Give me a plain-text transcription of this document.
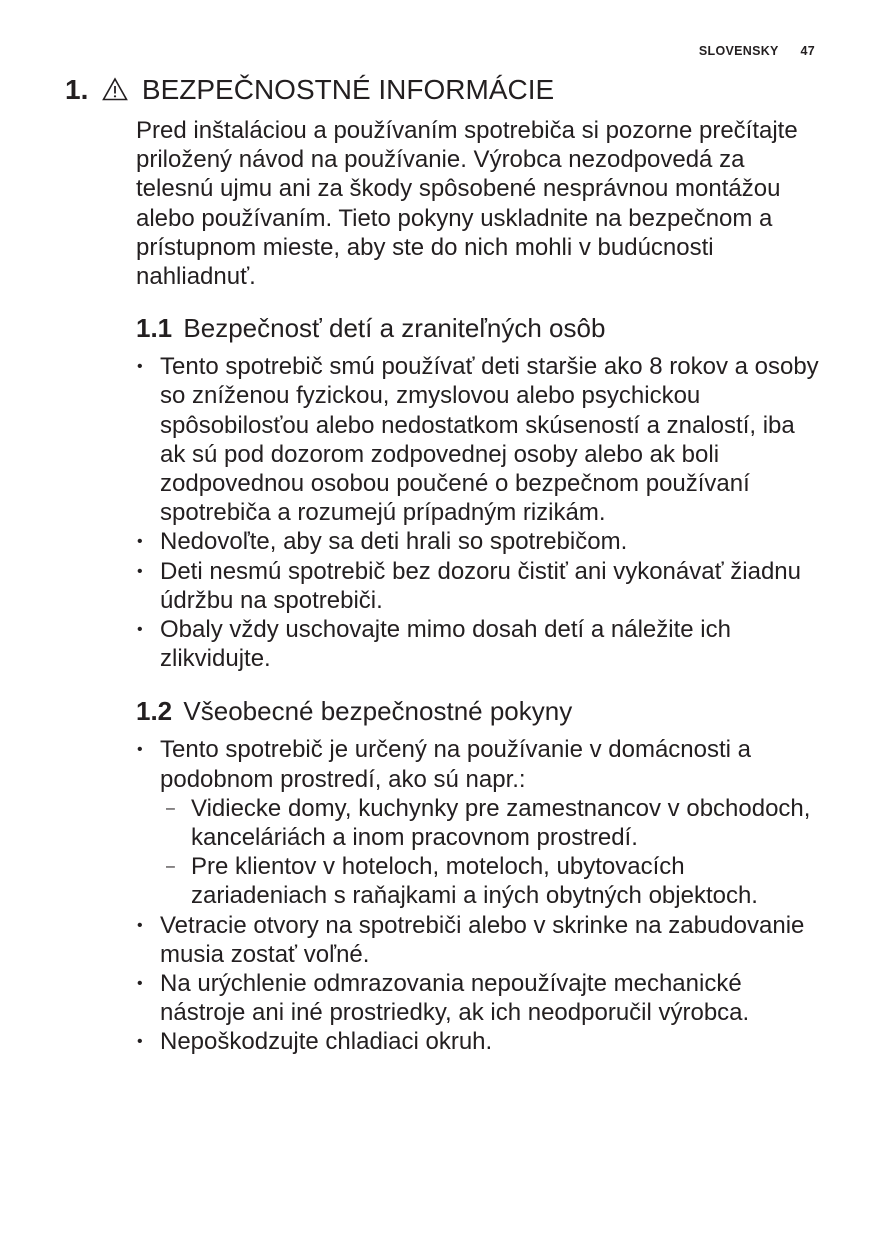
SLOVENSKY 47
1. BEZPEČNOSTNÉ INFORMÁCIE

Pred inštaláciou a používaním spotrebiča si pozorne prečítajte priložený návod na používanie. Výrobca nezodpovedá za telesnú ujmu ani za škody spôsobené nesprávnou montážou alebo používaním. Tieto pokyny uskladnite na bezpečnom a prístupnom mieste, aby ste do nich mohli v budúcnosti nahliadnuť.

1.1 Bezpečnosť detí a zraniteľných osôb
• Tento spotrebič smú používať deti staršie ako 8 rokov a osoby so zníženou fyzickou, zmyslovou alebo psychickou spôsobilosťou alebo nedostatkom skúseností a znalostí, iba ak sú pod dozorom zodpovednej osoby alebo ak boli zodpovednou osobou poučené o bezpečnom používaní spotrebiča a rozumejú prípadným rizikám.
• Nedovoľte, aby sa deti hrali so spotrebičom.
• Deti nesmú spotrebič bez dozoru čistiť ani vykonávať žiadnu údržbu na spotrebiči.
• Obaly vždy uschovajte mimo dosah detí a náležite ich zlikvidujte.
1.2 Všeobecné bezpečnostné pokyny
• Tento spotrebič je určený na používanie v domácnosti a podobnom prostredí, ako sú napr.:
– Vidiecke domy, kuchynky pre zamestnancov v obchodoch, kanceláriách a inom pracovnom prostredí.
– Pre klientov v hoteloch, moteloch, ubytovacích zariadeniach s raňajkami a iných obytných objektoch.
• Vetracie otvory na spotrebiči alebo v skrinke na zabudovanie musia zostať voľné.
• Na urýchlenie odmrazovania nepoužívajte mechanické nástroje ani iné prostriedky, ak ich neodporučil výrobca.
• Nepoškodzujte chladiaci okruh.
